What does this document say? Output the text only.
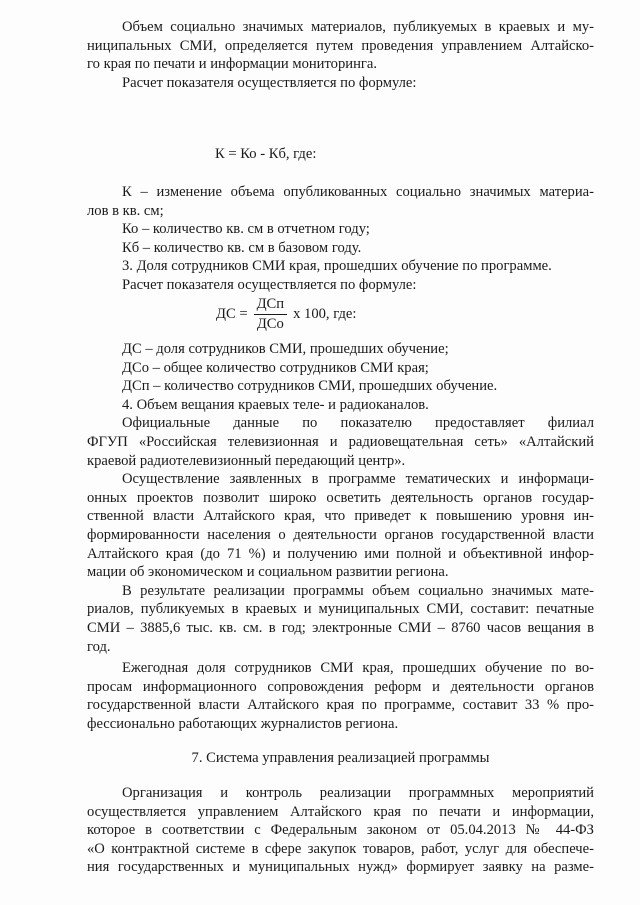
Объем социально значимых материалов, публикуемых в краевых и му-
ниципальных СМИ, определяется путем проведения управлением Алтайско-
го края по печати и информации мониторинга.
Расчет показателя осуществляется по формуле:
К = Ко - Кб, где:
К – изменение объема опубликованных социально значимых материа-
лов в кв. см;
Ко – количество кв. см в отчетном году;
Кб – количество кв. см в базовом году.
3. Доля сотрудников СМИ края, прошедших обучение по программе.
Расчет показателя осуществляется по формуле:
ДС = $\frac{\text{ДСп}}{\text{ДСо}}$ x 100, где:
ДС – доля сотрудников СМИ, прошедших обучение;
ДСо – общее количество сотрудников СМИ края;
ДСп – количество сотрудников СМИ, прошедших обучение.
4. Объем вещания краевых теле- и радиоканалов.
Официальные данные по показателю предоставляет филиал
ФГУП «Российская телевизионная и радиовещательная сеть» «Алтайский
краевой радиотелевизионный передающий центр».
Осуществление заявленных в программе тематических и информаци-
онных проектов позволит широко осветить деятельность органов государ-
ственной власти Алтайского края, что приведет к повышению уровня ин-
формированности населения о деятельности органов государственной власти
Алтайского края (до 71 %) и получению ими полной и объективной инфор-
мации об экономическом и социальном развитии региона.
В результате реализации программы объем социально значимых мате-
риалов, публикуемых в краевых и муниципальных СМИ, составит: печатные
СМИ – 3885,6 тыс. кв. см. в год; электронные СМИ – 8760 часов вещания в
год.
Ежегодная доля сотрудников СМИ края, прошедших обучение по во-
просам информационного сопровождения реформ и деятельности органов
государственной власти Алтайского края по программе, составит 33 % про-
фессионально работающих журналистов региона.
7. Система управления реализацией программы
Организация и контроль реализации программных мероприятий
осуществляется управлением Алтайского края по печати и информации,
которое в соответствии с Федеральным законом от 05.04.2013 № 44-ФЗ
«О контрактной системе в сфере закупок товаров, работ, услуг для обеспече-
ния государственных и муниципальных нужд» формирует заявку на разме-
